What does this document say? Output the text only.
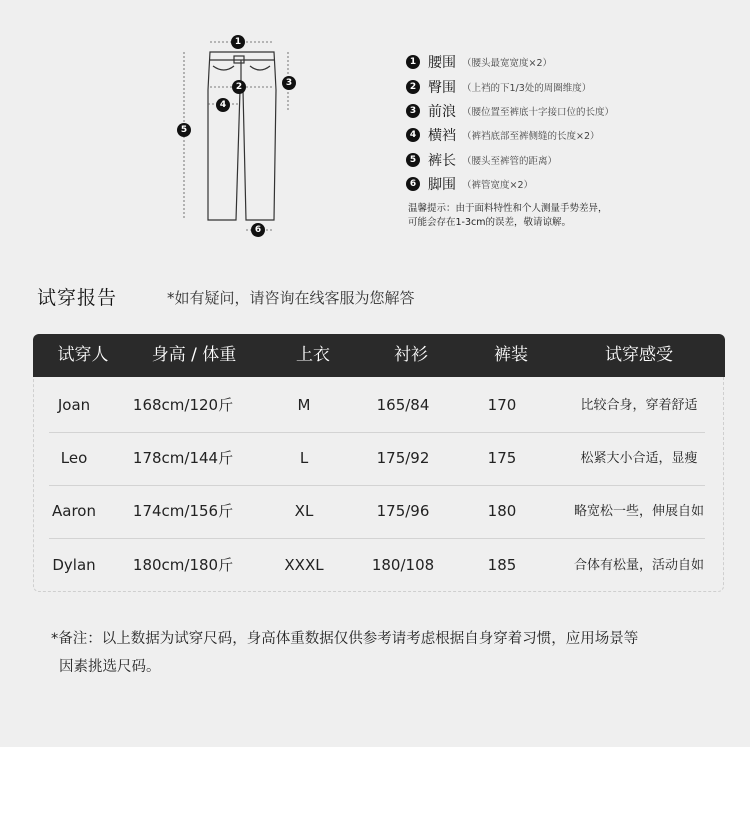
1
2	3
4
5
6
1 腰围 （腰头最宽宽度×2）
2 臀围 （上裆的下1/3处的周圈维度）
3 前浪 （腰位置至裤底十字接口位的长度）
4 横裆 （裤裆底部至裤侧缝的长度×2）
5 裤长 （腰头至裤管的距离）
6 脚围 （裤管宽度×2）
温馨提示：由于面料特性和个人测量手势差异，
可能会存在1-3cm的误差，敬请谅解。
试穿报告	*如有疑问，请咨询在线客服为您解答
试穿人	身高 / 体重	上衣	衬衫	裤装	试穿感受
Joan	168cm/120斤	M	165/84	170	比较合身，穿着舒适
Leo	178cm/144斤	L	175/92	175	松紧大小合适，显瘦
Aaron 174cm/156斤	XL	175/96	180	略宽松一些，伸展自如
Dylan 180cm/180斤	XXXL	180/108	185	合体有松量，活动自如
*备注：以上数据为试穿尺码，身高体重数据仅供参考请考虑根据自身穿着习惯，应用场景等
因素挑选尺码。
